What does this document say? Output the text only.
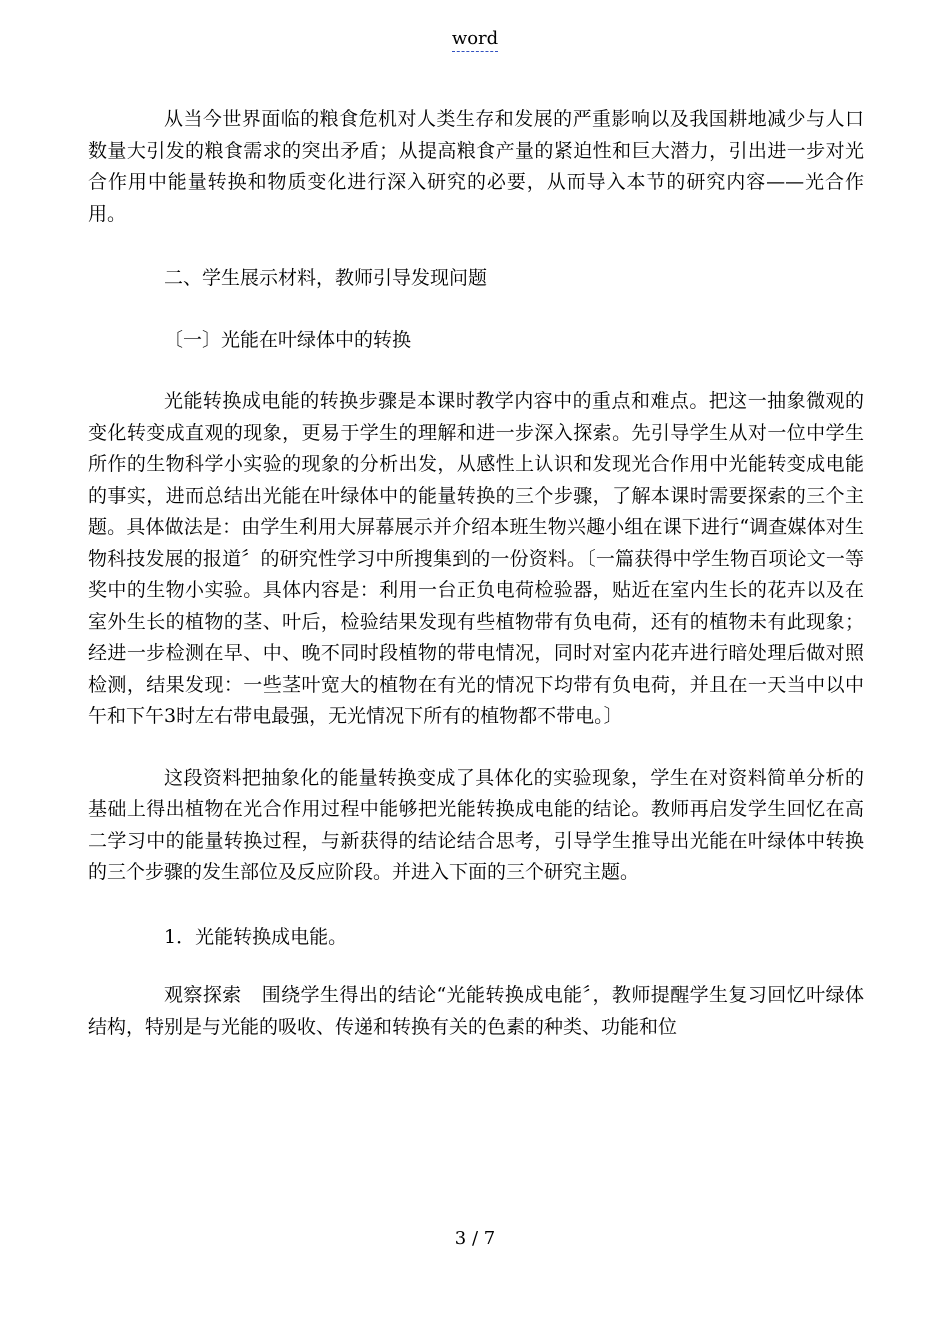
word

从当今世界面临的粮食危机对人类生存和发展的严重影响以及我国耕地减少与人口数量大引发的粮食需求的突出矛盾；从提高粮食产量的紧迫性和巨大潜力，引出进一步对光合作用中能量转换和物质变化进行深入研究的必要，从而导入本节的研究内容——光合作用。

二、学生展示材料，教师引导发现问题

〔一〕光能在叶绿体中的转换

光能转换成电能的转换步骤是本课时教学内容中的重点和难点。把这一抽象微观的变化转变成直观的现象，更易于学生的理解和进一步深入探索。先引导学生从对一位中学生所作的生物科学小实验的现象的分析出发，从感性上认识和发现光合作用中光能转变成电能的事实，进而总结出光能在叶绿体中的能量转换的三个步骤，了解本课时需要探索的三个主题。具体做法是：由学生利用大屏幕展示并介绍本班生物兴趣小组在课下进行“调查媒体对生物科技发展的报道〞的研究性学习中所搜集到的一份资料。〔一篇获得中学生物百项论文一等奖中的生物小实验。具体内容是：利用一台正负电荷检验器，贴近在室内生长的花卉以及在室外生长的植物的茎、叶后，检验结果发现有些植物带有负电荷，还有的植物未有此现象；经进一步检测在早、中、晚不同时段植物的带电情况，同时对室内花卉进行暗处理后做对照检测，结果发现：一些茎叶宽大的植物在有光的情况下均带有负电荷，并且在一天当中以中午和下午3时左右带电最强，无光情况下所有的植物都不带电。〕

这段资料把抽象化的能量转换变成了具体化的实验现象，学生在对资料简单分析的基础上得出植物在光合作用过程中能够把光能转换成电能的结论。教师再启发学生回忆在高二学习中的能量转换过程，与新获得的结论结合思考，引导学生推导出光能在叶绿体中转换的三个步骤的发生部位及反应阶段。并进入下面的三个研究主题。

1．光能转换成电能。

观察探索 围绕学生得出的结论“光能转换成电能〞，教师提醒学生复习回忆叶绿体结构，特别是与光能的吸收、传递和转换有关的色素的种类、功能和位

3 / 7
